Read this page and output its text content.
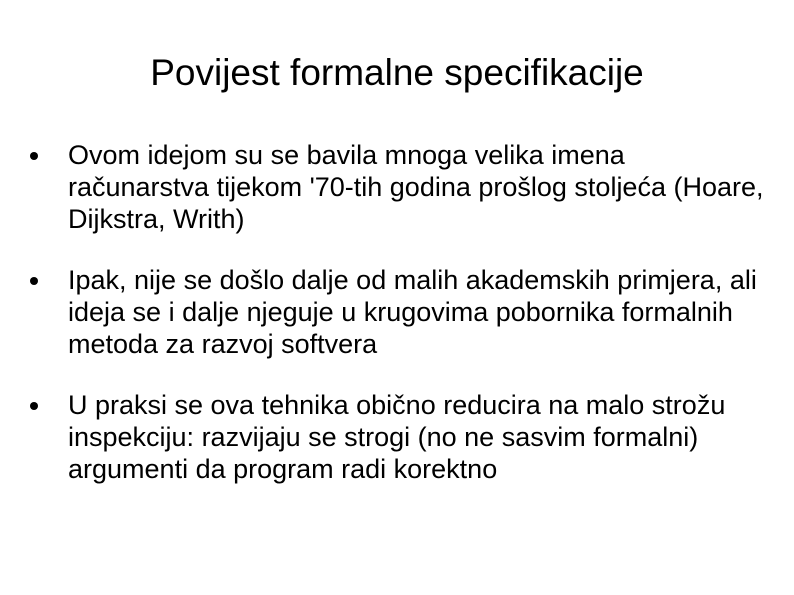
Povijest formalne specifikacije
Ovom idejom su se bavila mnoga velika imena računarstva tijekom '70-tih godina prošlog stoljeća (Hoare, Dijkstra, Writh)
Ipak, nije se došlo dalje od malih akademskih primjera, ali ideja se i dalje njeguje u krugovima pobornika formalnih metoda za razvoj softvera
U praksi se ova tehnika obično reducira na malo strožu inspekciju: razvijaju se strogi (no ne sasvim formalni) argumenti da program radi korektno
